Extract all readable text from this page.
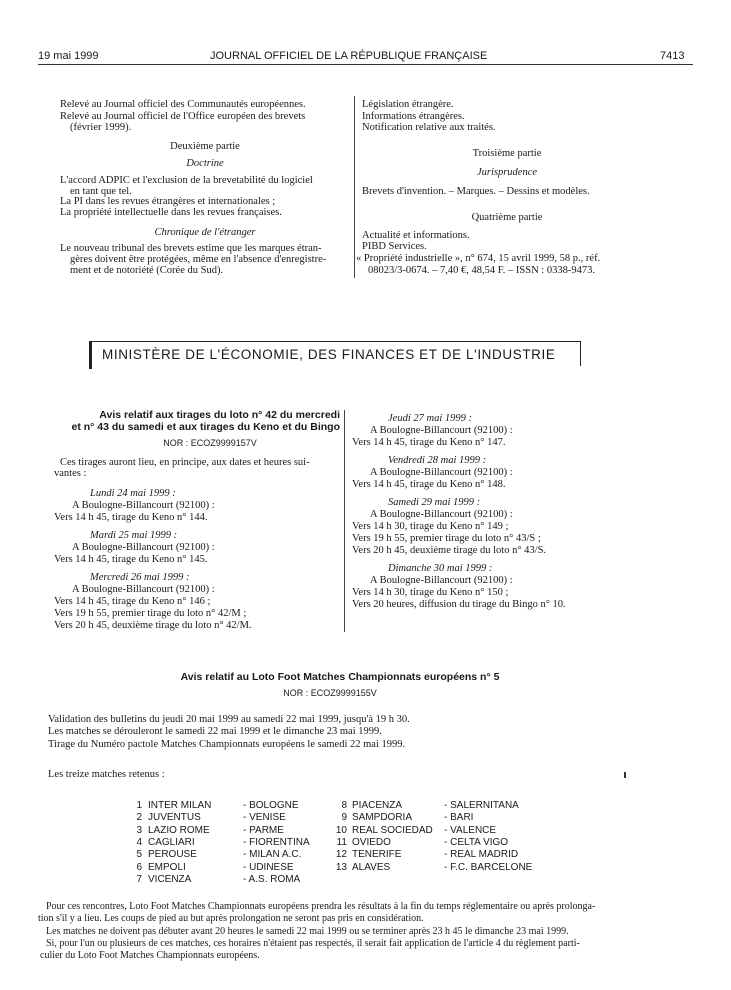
19 mai 1999	JOURNAL OFFICIEL DE LA RÉPUBLIQUE FRANÇAISE	7413
Relevé au Journal officiel des Communautés européennes.
Relevé au Journal officiel de l'Office européen des brevets
(février 1999).
Deuxième partie
Doctrine
L'accord ADPIC et l'exclusion de la brevetabilité du logiciel
en tant que tel.
La PI dans les revues étrangères et internationales ;
La propriété intellectuelle dans les revues françaises.
Chronique de l'étranger
Le nouveau tribunal des brevets estime que les marques étran-
gères doivent être protégées, même en l'absence d'enregistre-
ment et de notoriété (Corée du Sud).
Législation étrangère.
Informations étrangères.
Notification relative aux traités.
Troisième partie
Jurisprudence
Brevets d'invention. – Marques. – Dessins et modèles.
Quatrième partie
Actualité et informations.
PIBD Services.
« Propriété industrielle », n° 674, 15 avril 1999, 58 p., réf.
08023/3-0674. – 7,40 €, 48,54 F. – ISSN : 0338-9473.
MINISTÈRE DE L'ÉCONOMIE, DES FINANCES ET DE L'INDUSTRIE
Avis relatif aux tirages du loto n° 42 du mercredi
et n° 43 du samedi et aux tirages du Keno et du Bingo
NOR : ECOZ9999157V
Ces tirages auront lieu, en principe, aux dates et heures sui-
vantes :
Lundi 24 mai 1999 :
A Boulogne-Billancourt (92100) :
Vers 14 h 45, tirage du Keno n° 144.
Mardi 25 mai 1999 :
A Boulogne-Billancourt (92100) :
Vers 14 h 45, tirage du Keno n° 145.
Mercredi 26 mai 1999 :
A Boulogne-Billancourt (92100) :
Vers 14 h 45, tirage du Keno n° 146 ;
Vers 19 h 55, premier tirage du loto n° 42/M ;
Vers 20 h 45, deuxième tirage du loto n° 42/M.
Jeudi 27 mai 1999 :
A Boulogne-Billancourt (92100) :
Vers 14 h 45, tirage du Keno n° 147.
Vendredi 28 mai 1999 :
A Boulogne-Billancourt (92100) :
Vers 14 h 45, tirage du Keno n° 148.
Samedi 29 mai 1999 :
A Boulogne-Billancourt (92100) :
Vers 14 h 30, tirage du Keno n° 149 ;
Vers 19 h 55, premier tirage du loto n° 43/S ;
Vers 20 h 45, deuxième tirage du loto n° 43/S.
Dimanche 30 mai 1999 :
A Boulogne-Billancourt (92100) :
Vers 14 h 30, tirage du Keno n° 150 ;
Vers 20 heures, diffusion du tirage du Bingo n° 10.
Avis relatif au Loto Foot Matches Championnats européens n° 5
NOR : ECOZ9999155V
Validation des bulletins du jeudi 20 mai 1999 au samedi 22 mai 1999, jusqu'à 19 h 30.
Les matches se dérouleront le samedi 22 mai 1999 et le dimanche 23 mai 1999.
Tirage du Numéro pactole Matches Championnats européens le samedi 22 mai 1999.
Les treize matches retenus :
1 INTER MILAN	- BOLOGNE
2 JUVENTUS	- VENISE
3 LAZIO ROME	- PARME
4 CAGLIARI	- FIORENTINA
5 PEROUSE	- MILAN A.C.
6 EMPOLI	- UDINESE
7 VICENZA	- A.S. ROMA
8 PIACENZA	- SALERNITANA
9 SAMPDORIA	- BARI
10 REAL SOCIEDAD - VALENCE
11 OVIEDO	- CELTA VIGO
12 TENERIFE	- REAL MADRID
13 ALAVES	- F.C. BARCELONE
Pour ces rencontres, Loto Foot Matches Championnats européens prendra les résultats à la fin du temps réglementaire ou après prolonga-
tion s'il y a lieu. Les coups de pied au but après prolongation ne seront pas pris en considération.
Les matches ne doivent pas débuter avant 20 heures le samedi 22 mai 1999 ou se terminer après 23 h 45 le dimanche 23 mai 1999.
Si, pour l'un ou plusieurs de ces matches, ces horaires n'étaient pas respectés, il serait fait application de l'article 4 du règlement parti-
culier du Loto Foot Matches Championnats européens.
